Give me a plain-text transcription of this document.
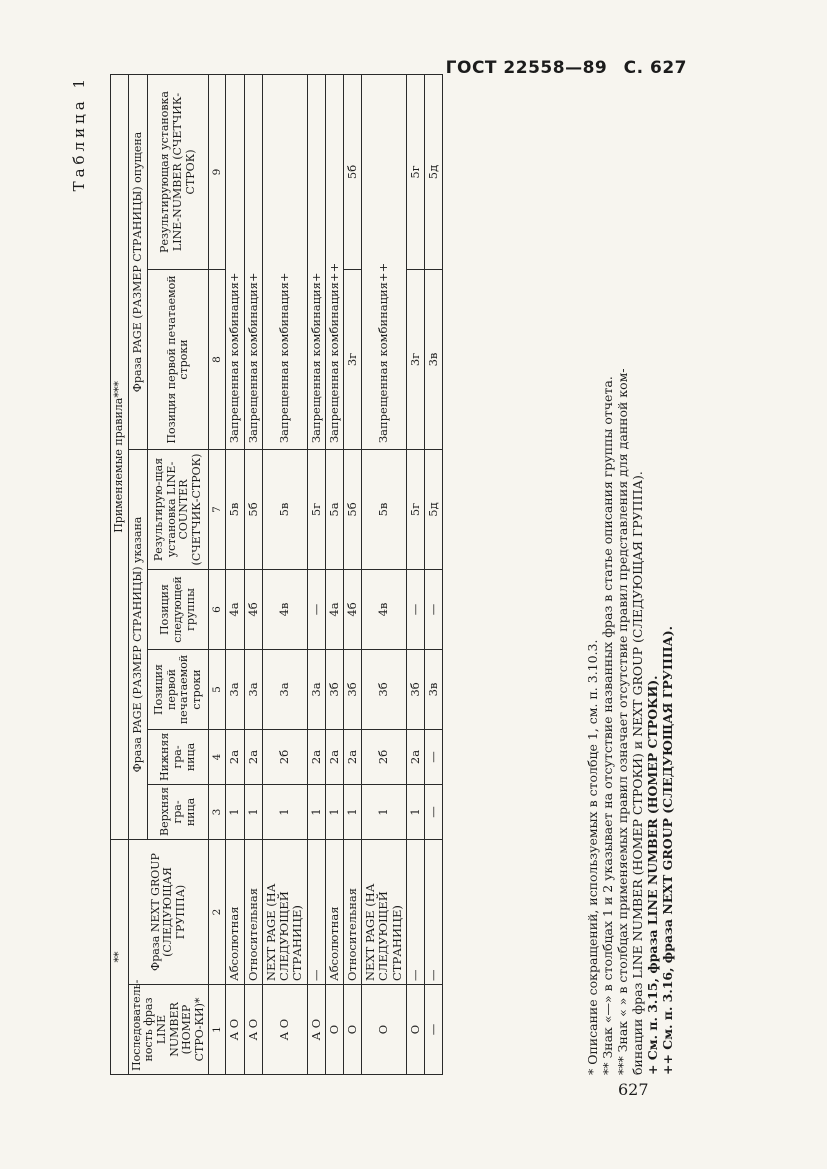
ГОСТ 22558—89 С. 627
Таблица 1
**		Применяемые правила***						
Последователь-ность фраз LINE NUMBER (НОМЕР СТРО-КИ)*	Фраза NEXT GROUP (СЛЕДУЮЩАЯ ГРУППА)	Фраза PAGE (РАЗМЕР СТРАНИЦЫ) указана					Фраза PAGE (РАЗМЕР СТРАНИЦЫ) опущена	
		Верхняя гра-ница	Нижняя гра-ница	Позиция первой печатаемой строки	Позиция следующей группы	Результирую-щая установка LINE-COUNTER (СЧЕТЧИК-СТРОК)	Позиция первой печатаемой строки	Результирующая установка LINE-NUMBER (СЧЕТЧИК-СТРОК)
1	2	3	4	5	6	7	8	9
A O	Абсолютная	1	2а	3а	4а	5в	Запрещенная комбинация+	
A O	Относительная	1	2а	3а	4б	5б	Запрещенная комбинация+	
A O	NEXT PAGE (НА СЛЕДУЮЩЕЙ СТРАНИЦЕ)	1	2б	3а	4в	5в	Запрещенная комбинация+	
A O	—	1	2а	3а	—	5г	Запрещенная комбинация+	
O	Абсолютная	1	2а	3б	4а	5а	Запрещенная комбинация++	
O	Относительная	1	2а	3б	4б	5б	3г	5б
O	NEXT PAGE (НА СЛЕДУЮЩЕЙ СТРАНИЦЕ)	1	2б	3б	4в	5в	Запрещенная комбинация++	
O	—	1	2а	3б	—	5г	3г	5г
—	—	—	—	3в	—	5д	3в	5д
* Описание сокращений, используемых в столбце 1, см. п. 3.10.3. ** Знак «—» в столбцах 1 и 2 указывает на отсутствие названных фраз в статье описания группы отчета. *** Знак « » в столбцах применяемых правил означает отсутствие правил представления для данной ком- бинации фраз LINE NUMBER (НОМЕР СТРОКИ) и NEXT GROUP (СЛЕДУЮЩАЯ ГРУППА). + См. п. 3.15, фраза LINE NUMBER (НОМЕР СТРОКИ). ++ См. п. 3.16, фраза NEXT GROUP (СЛЕДУЮЩАЯ ГРУППА).
627
